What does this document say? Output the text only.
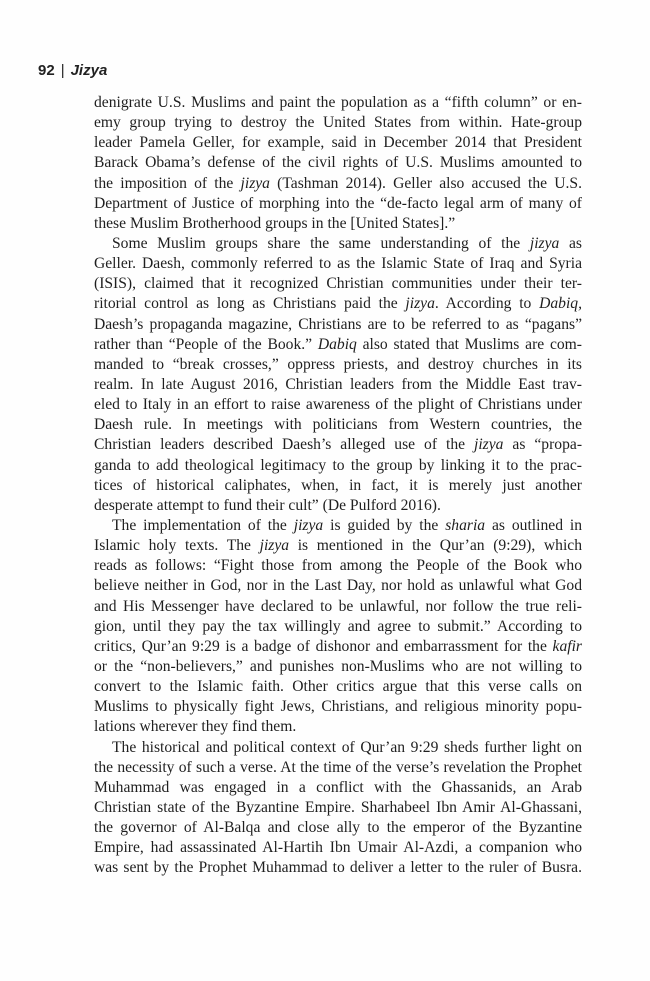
92 | Jizya
denigrate U.S. Muslims and paint the population as a “fifth column” or en-
emy group trying to destroy the United States from within. Hate-group
leader Pamela Geller, for example, said in December 2014 that President
Barack Obama’s defense of the civil rights of U.S. Muslims amounted to
the imposition of the jizya (Tashman 2014). Geller also accused the U.S.
Department of Justice of morphing into the “de-facto legal arm of many of
these Muslim Brotherhood groups in the [United States].”
Some Muslim groups share the same understanding of the jizya as
Geller. Daesh, commonly referred to as the Islamic State of Iraq and Syria
(ISIS), claimed that it recognized Christian communities under their ter-
ritorial control as long as Christians paid the jizya. According to Dabiq,
Daesh’s propaganda magazine, Christians are to be referred to as “pagans”
rather than “People of the Book.” Dabiq also stated that Muslims are com-
manded to “break crosses,” oppress priests, and destroy churches in its
realm. In late August 2016, Christian leaders from the Middle East trav-
eled to Italy in an effort to raise awareness of the plight of Christians under
Daesh rule. In meetings with politicians from Western countries, the
Christian leaders described Daesh’s alleged use of the jizya as “propa-
ganda to add theological legitimacy to the group by linking it to the prac-
tices of historical caliphates, when, in fact, it is merely just another
desperate attempt to fund their cult” (De Pulford 2016).
The implementation of the jizya is guided by the sharia as outlined in
Islamic holy texts. The jizya is mentioned in the Qur’an (9:29), which
reads as follows: “Fight those from among the People of the Book who
believe neither in God, nor in the Last Day, nor hold as unlawful what God
and His Messenger have declared to be unlawful, nor follow the true reli-
gion, until they pay the tax willingly and agree to submit.” According to
critics, Qur’an 9:29 is a badge of dishonor and embarrassment for the kafir
or the “non-believers,” and punishes non-Muslims who are not willing to
convert to the Islamic faith. Other critics argue that this verse calls on
Muslims to physically fight Jews, Christians, and religious minority popu-
lations wherever they find them.
The historical and political context of Qur’an 9:29 sheds further light on
the necessity of such a verse. At the time of the verse’s revelation the Prophet
Muhammad was engaged in a conflict with the Ghassanids, an Arab
Christian state of the Byzantine Empire. Sharhabeel Ibn Amir Al-Ghassani,
the governor of Al-Balqa and close ally to the emperor of the Byzantine
Empire, had assassinated Al-Hartih Ibn Umair Al-Azdi, a companion who
was sent by the Prophet Muhammad to deliver a letter to the ruler of Busra.
